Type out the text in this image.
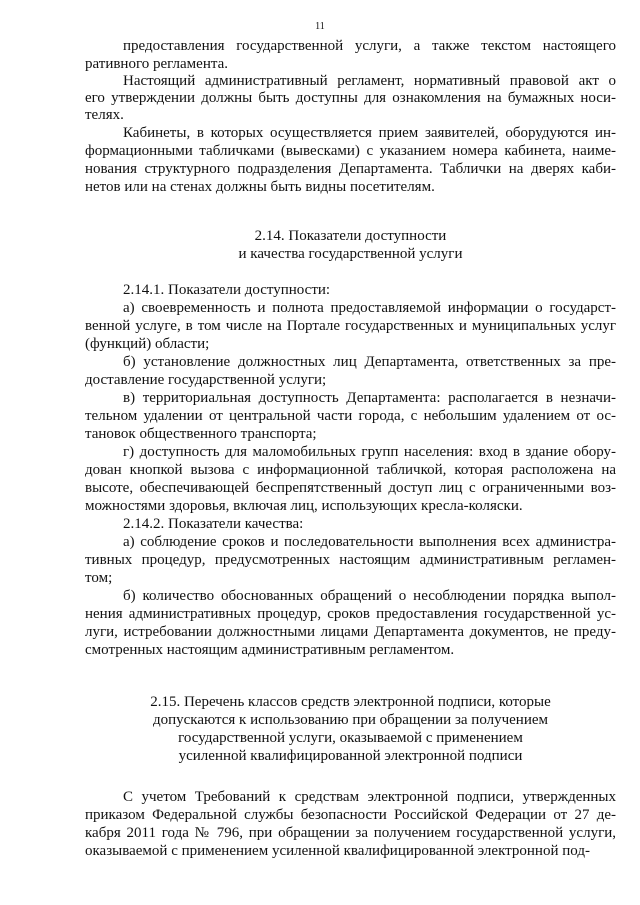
11
предоставления государственной услуги, а также текстом настоящего
ративного регламента.
Настоящий административный регламент, нормативный правовой акт о
его утверждении должны быть доступны для ознакомления на бумажных носи-
телях.
Кабинеты, в которых осуществляется прием заявителей, оборудуются ин-
формационными табличками (вывесками) с указанием номера кабинета, наиме-
нования структурного подразделения Департамента. Таблички на дверях каби-
нетов или на стенах должны быть видны посетителям.
2.14. Показатели доступности
и качества государственной услуги
2.14.1. Показатели доступности:
а) своевременность и полнота предоставляемой информации о государст-
венной услуге, в том числе на Портале государственных и муниципальных услуг
(функций) области;
б) установление должностных лиц Департамента, ответственных за пре-
доставление государственной услуги;
в) территориальная доступность Департамента: располагается в незначи-
тельном удалении от центральной части города, с небольшим удалением от ос-
тановок общественного транспорта;
г) доступность для маломобильных групп населения: вход в здание обору-
дован кнопкой вызова с информационной табличкой, которая расположена на
высоте, обеспечивающей беспрепятственный доступ лиц с ограниченными воз-
можностями здоровья, включая лиц, использующих кресла-коляски.
2.14.2. Показатели качества:
а) соблюдение сроков и последовательности выполнения всех администра-
тивных процедур, предусмотренных настоящим административным регламен-
том;
б) количество обоснованных обращений о несоблюдении порядка выпол-
нения административных процедур, сроков предоставления государственной ус-
луги, истребовании должностными лицами Департамента документов, не преду-
смотренных настоящим административным регламентом.
2.15. Перечень классов средств электронной подписи, которые
допускаются к использованию при обращении за получением
государственной услуги, оказываемой с применением
усиленной квалифицированной электронной подписи
С учетом Требований к средствам электронной подписи, утвержденных
приказом Федеральной службы безопасности Российской Федерации от 27 де-
кабря 2011 года № 796, при обращении за получением государственной услуги,
оказываемой с применением усиленной квалифицированной электронной под-
